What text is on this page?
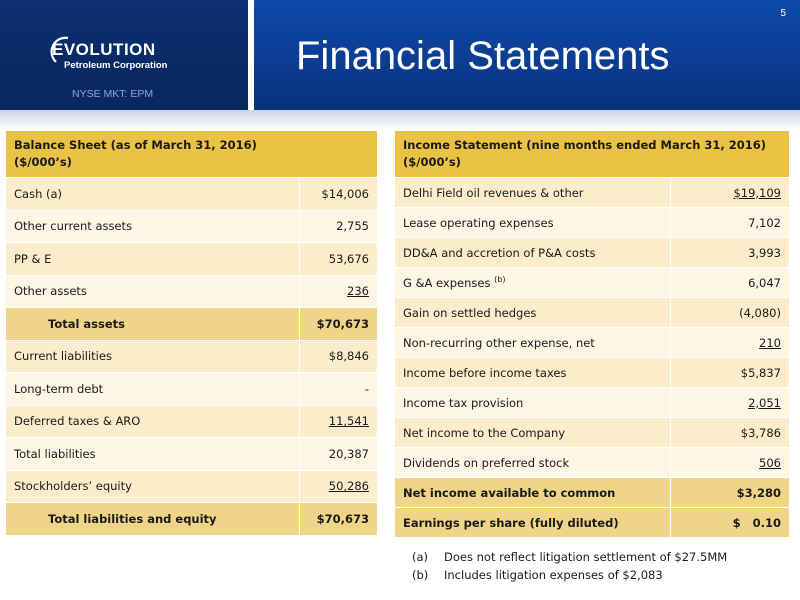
EVOLUTION
Petroleum Corporation
NYSE MKT: EPM
Financial Statements
5
Balance Sheet (as of March 31, 2016)
($/000’s)	
Cash (a)	$14,006
Other current assets	2,755
PP & E	53,676
Other assets	236
Total assets	$70,673
Current liabilities	$8,846
Long-term debt	-
Deferred taxes & ARO	11,541
Total liabilities	20,387
Stockholders’ equity	50,286
Total liabilities and equity	$70,673
Income Statement (nine months ended March 31, 2016)
($/000’s)	
Delhi Field oil revenues & other	$19,109
Lease operating expenses	7,102
DD&A and accretion of P&A costs	3,993
G &A expenses $^{(b)}$	6,047
Gain on settled hedges	(4,080)
Non-recurring other expense, net	210
Income before income taxes	$5,837
Income tax provision	2,051
Net income to the Company	$3,786
Dividends on preferred stock	506
Net income available to common	$3,280
Earnings per share (fully diluted)	$   0.10
(a) Does not reflect litigation settlement of $27.5MM
(b) Includes litigation expenses of $2,083
